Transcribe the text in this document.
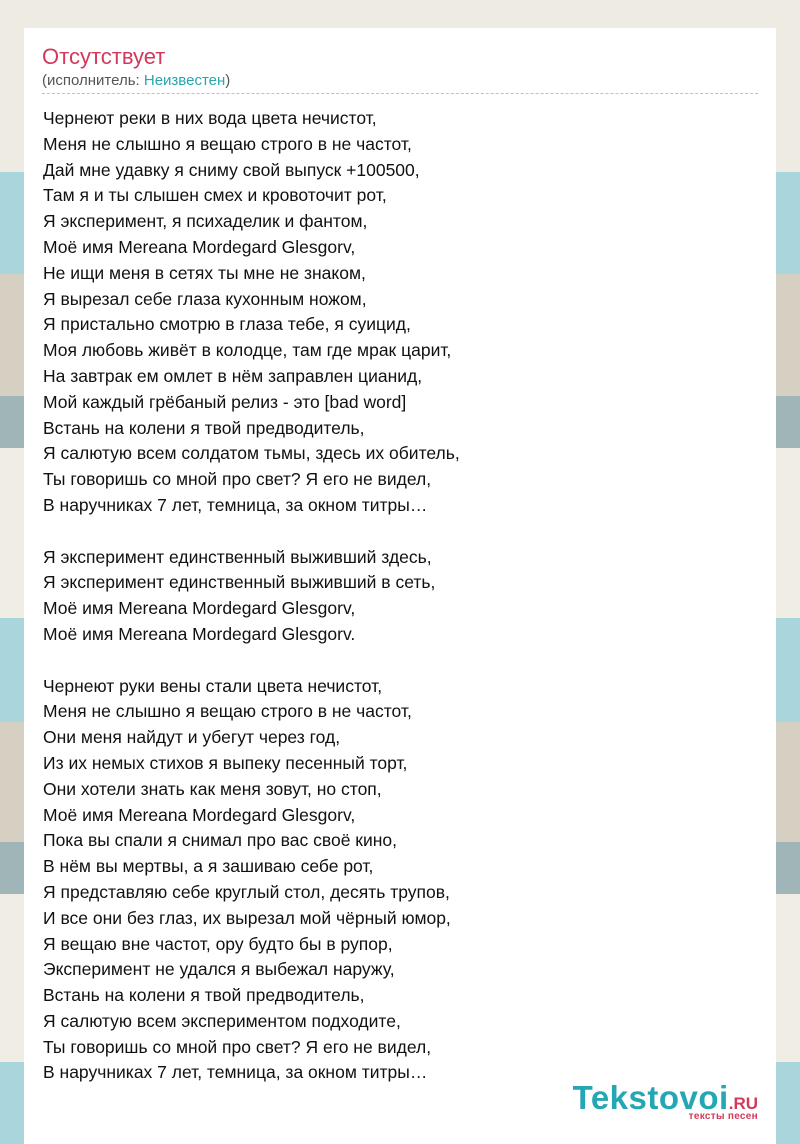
Отсутствует
(исполнитель: Неизвестен)
Чернеют реки в них вода цвета нечистот,
Меня не слышно я вещаю строго в не частот,
Дай мне удавку я сниму свой выпуск +100500,
Там я и ты слышен смех и кровоточит рот,
Я эксперимент, я психаделик и фантом,
Моё имя Mereana Mordegard Glesgorv,
Не ищи меня в сетях ты мне не знаком,
Я вырезал себе глаза кухонным ножом,
Я пристально смотрю в глаза тебе, я суицид,
Моя любовь живёт в колодце, там где мрак царит,
На завтрак ем омлет в нём заправлен цианид,
Мой каждый грёбаный релиз - это [bad word]
Встань на колени я твой предводитель,
Я салютую всем солдатом тьмы, здесь их обитель,
Ты говоришь со мной про свет? Я его не видел,
В наручниках 7 лет, темница, за окном титры…
Я эксперимент единственный выживший здесь,
Я эксперимент единственный выживший в сеть,
Моё имя Mereana Mordegard Glesgorv,
Моё имя Mereana Mordegard Glesgorv.
Чернеют руки вены стали цвета нечистот,
Меня не слышно я вещаю строго в не частот,
Они меня найдут и убегут через год,
Из их немых стихов я выпеку песенный торт,
Они хотели знать как меня зовут, но стоп,
Моё имя Mereana Mordegard Glesgorv,
Пока вы спали я снимал про вас своё кино,
В нём вы мертвы, а я зашиваю себе рот,
Я представляю себе круглый стол, десять трупов,
И все они без глаз, их вырезал мой чёрный юмор,
Я вещаю вне частот, ору будто бы в рупор,
Эксперимент не удался я выбежал наружу,
Встань на колени я твой предводитель,
Я салютую всем экспериментом подходите,
Ты говоришь со мной про свет? Я его не видел,
В наручниках 7 лет, темница, за окном титры…
Tekstovoi.RU
тексты песен
